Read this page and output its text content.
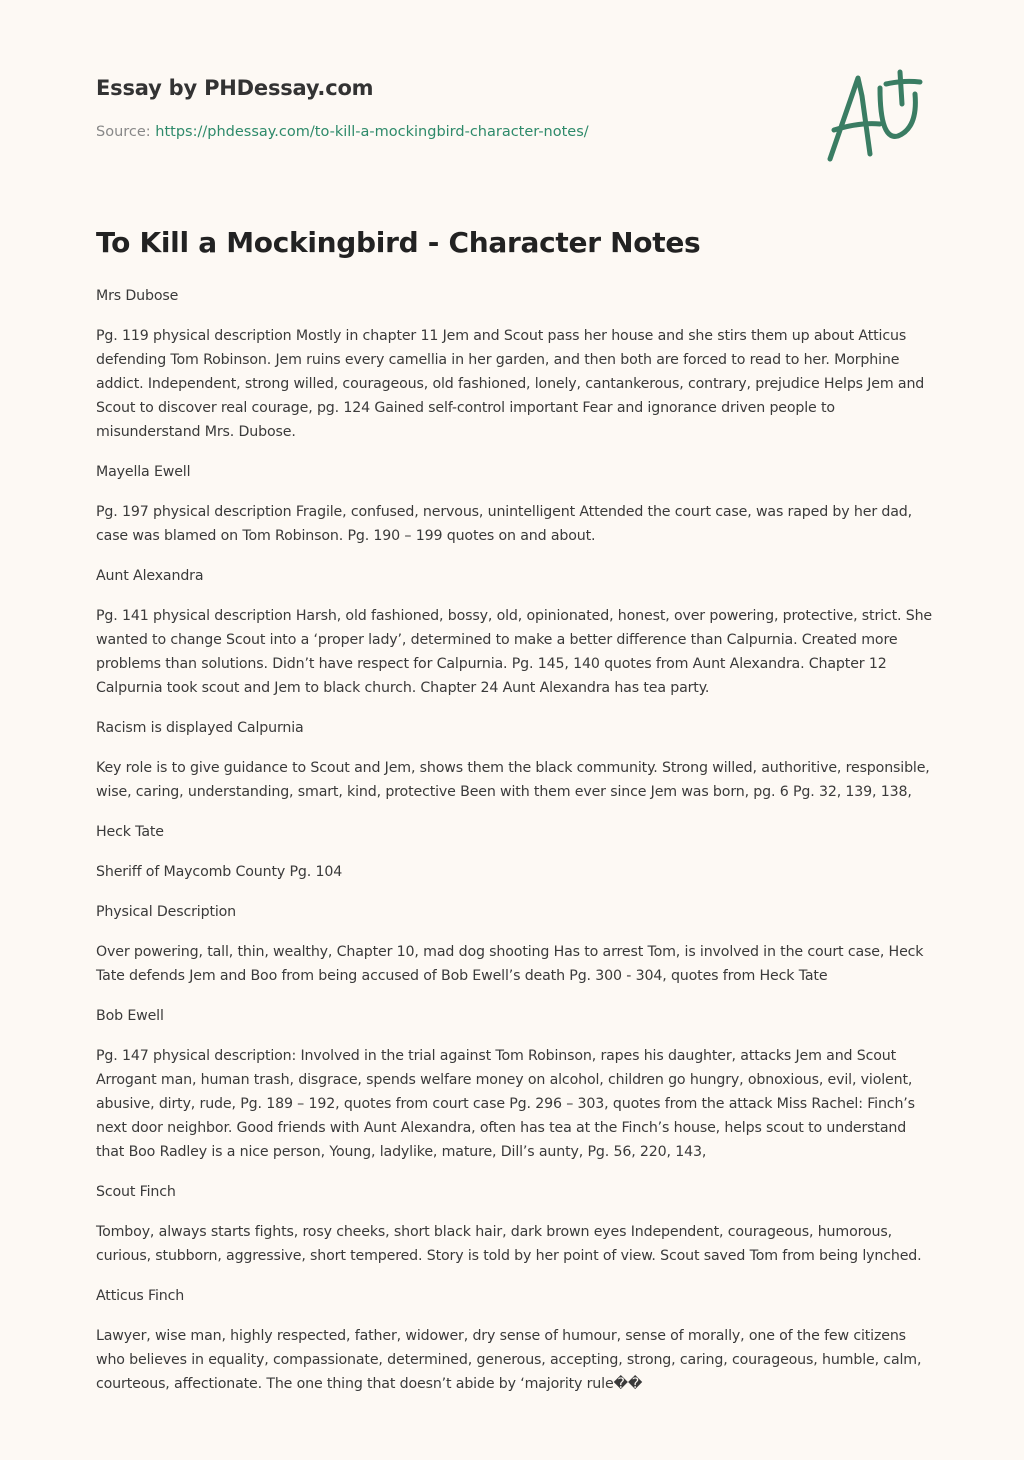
Essay by PHDessay.com
Source: https://phdessay.com/to-kill-a-mockingbird-character-notes/
To Kill a Mockingbird - Character Notes

Mrs Dubose

Pg. 119 physical description Mostly in chapter 11 Jem and Scout pass her house and she stirs them up about Atticus defending Tom Robinson. Jem ruins every camellia in her garden, and then both are forced to read to her. Morphine addict. Independent, strong willed, courageous, old fashioned, lonely, cantankerous, contrary, prejudice Helps Jem and Scout to discover real courage, pg. 124 Gained self-control important Fear and ignorance driven people to misunderstand Mrs. Dubose.

Mayella Ewell

Pg. 197 physical description Fragile, confused, nervous, unintelligent Attended the court case, was raped by her dad, case was blamed on Tom Robinson. Pg. 190 – 199 quotes on and about.

Aunt Alexandra

Pg. 141 physical description Harsh, old fashioned, bossy, old, opinionated, honest, over powering, protective, strict. She wanted to change Scout into a ‘proper lady’, determined to make a better difference than Calpurnia. Created more problems than solutions. Didn’t have respect for Calpurnia. Pg. 145, 140 quotes from Aunt Alexandra. Chapter 12 Calpurnia took scout and Jem to black church. Chapter 24 Aunt Alexandra has tea party.

Racism is displayed Calpurnia

Key role is to give guidance to Scout and Jem, shows them the black community. Strong willed, authoritive, responsible, wise, caring, understanding, smart, kind, protective Been with them ever since Jem was born, pg. 6 Pg. 32, 139, 138,

Heck Tate

Sheriff of Maycomb County Pg. 104

Physical Description

Over powering, tall, thin, wealthy, Chapter 10, mad dog shooting Has to arrest Tom, is involved in the court case, Heck Tate defends Jem and Boo from being accused of Bob Ewell’s death Pg. 300 - 304, quotes from Heck Tate

Bob Ewell

Pg. 147 physical description: Involved in the trial against Tom Robinson, rapes his daughter, attacks Jem and Scout Arrogant man, human trash, disgrace, spends welfare money on alcohol, children go hungry, obnoxious, evil, violent, abusive, dirty, rude, Pg. 189 – 192, quotes from court case Pg. 296 – 303, quotes from the attack Miss Rachel: Finch’s next door neighbor. Good friends with Aunt Alexandra, often has tea at the Finch’s house, helps scout to understand that Boo Radley is a nice person, Young, ladylike, mature, Dill’s aunty, Pg. 56, 220, 143,

Scout Finch

Tomboy, always starts fights, rosy cheeks, short black hair, dark brown eyes Independent, courageous, humorous, curious, stubborn, aggressive, short tempered. Story is told by her point of view. Scout saved Tom from being lynched.

Atticus Finch

Lawyer, wise man, highly respected, father, widower, dry sense of humour, sense of morally, one of the few citizens who believes in equality, compassionate, determined, generous, accepting, strong, caring, courageous, humble, calm, courteous, affectionate. The one thing that doesn’t abide by ‘majority rule��
